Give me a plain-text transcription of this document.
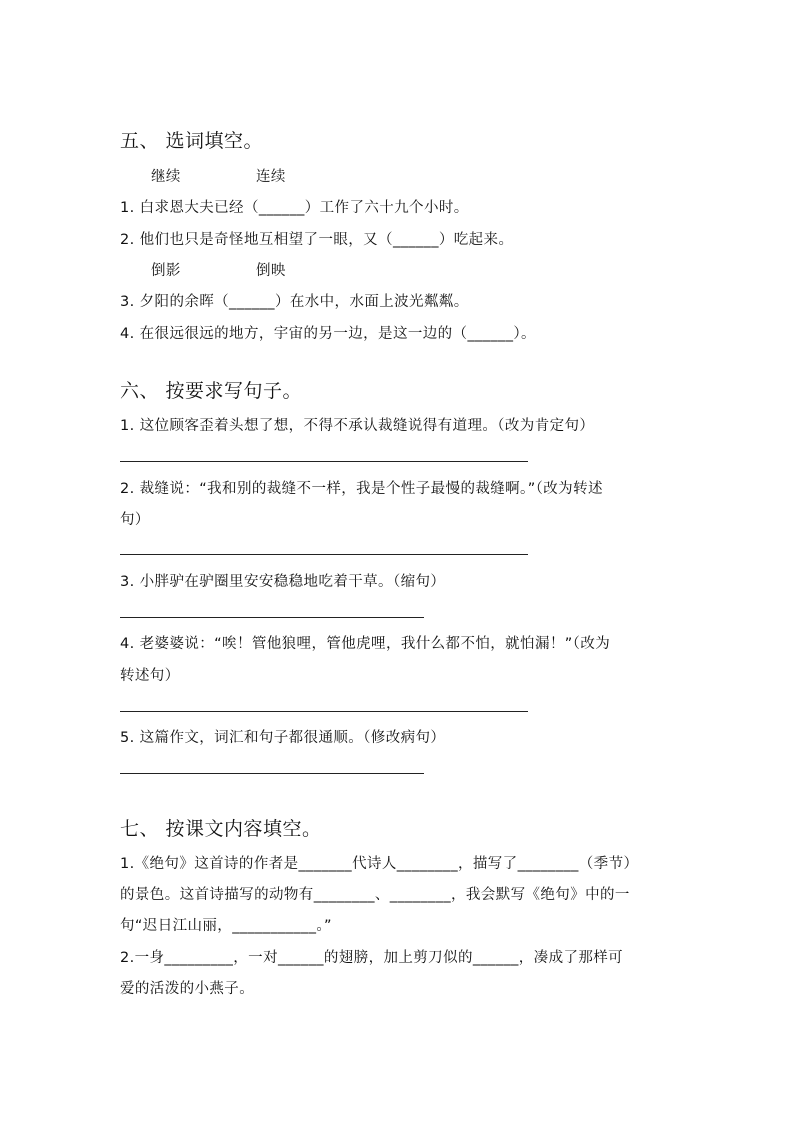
五、 选词填空。
继续	连续
1. 白求恩大夫已经（______）工作了六十九个小时。
2. 他们也只是奇怪地互相望了一眼，又（______）吃起来。
倒影	倒映
3. 夕阳的余晖（______）在水中，水面上波光粼粼。
4. 在很远很远的地方，宇宙的另一边，是这一边的（______）。
六、 按要求写句子。
1. 这位顾客歪着头想了想，不得不承认裁缝说得有道理。（改为肯定句）
2. 裁缝说：“我和别的裁缝不一样，我是个性子最慢的裁缝啊。”（改为转述
句）
3. 小胖驴在驴圈里安安稳稳地吃着干草。（缩句）
4. 老婆婆说：“唉！管他狼哩，管他虎哩，我什么都不怕，就怕漏！”（改为
转述句）
5. 这篇作文，词汇和句子都很通顺。（修改病句）
七、 按课文内容填空。
1.《绝句》这首诗的作者是_______代诗人________，描写了________（季节）
的景色。这首诗描写的动物有________、________，我会默写《绝句》中的一
句“迟日江山丽，___________。”
2.一身_________，一对______的翅膀，加上剪刀似的______，凑成了那样可
爱的活泼的小燕子。
